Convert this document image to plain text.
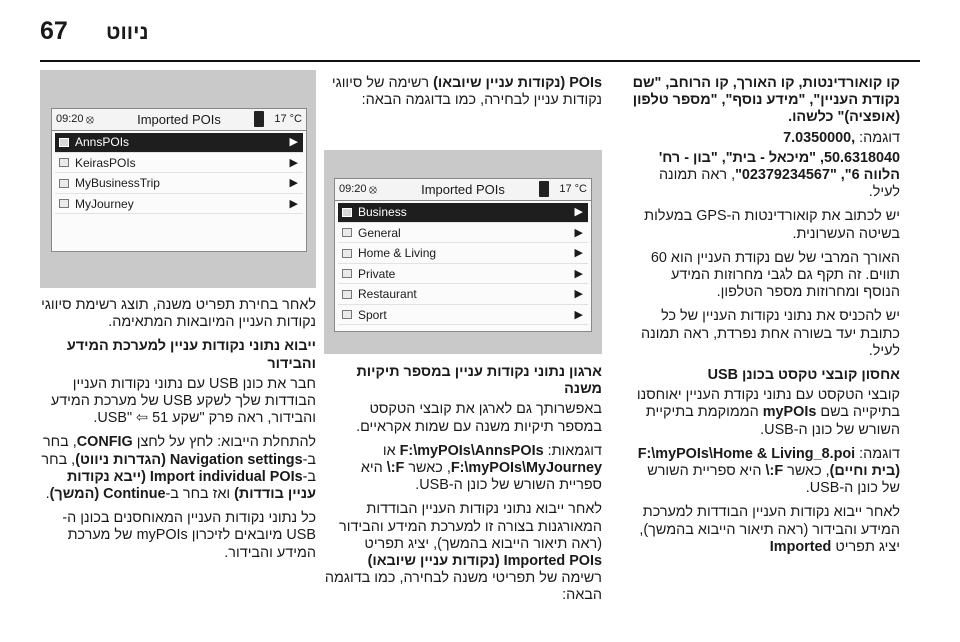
67 ניווט
09:20 ⦻	Imported POIs	17 °C
AnnsPOIs	▶
KeirasPOIs	▶
MyBusinessTrip	▶
MyJourney	▶
09:20 ⦻	Imported POIs	17 °C
Business	▶
General	▶
Home & Living	▶
Private	▶
Restaurant	▶
Sport	▶

קו קואורדינטות, קו האורך, קו הרוחב, "שם נקודת העניין", "מידע נוסף", "מספר טלפון (אופציה)" כלשהו.

דוגמה: 7.0350000,

50.6318040, "מיכאל - בית", "בון - רח' הלווה 6", "02379234567", ראה תמונה לעיל.

יש לכתוב את קואורדינטות ה-GPS במעלות בשיטה העשרונית.

האורך המרבי של שם נקודת העניין הוא 60 תווים. זה תקף גם לגבי מחרוזות המידע הנוסף ומחרוזות מספר הטלפון.

יש להכניס את נתוני נקודות העניין של כל כתובת יעד בשורה אחת נפרדת, ראה תמונה לעיל.

אחסון קובצי טקסט בכונן USB

קובצי הטקסט עם נתוני נקודת העניין יאוחסנו בתיקייה בשם myPOIs הממוקמת בתיקיית השורש של כונן ה-USB.

דוגמה: F:\myPOIs\Home & Living_8.poi (בית וחיים), כאשר F:\ היא ספריית השורש של כונן ה-USB.

לאחר ייבוא נקודות העניין הבודדות למערכת המידע והבידור (ראה תיאור הייבוא בהמשך), יציג תפריט Imported

POIs (נקודות עניין שיובאו) רשימה של סיווגי נקודות עניין לבחירה, כמו בדוגמה הבאה:

ארגון נתוני נקודות עניין במספר תיקיות משנה

באפשרותך גם לארגן את קובצי הטקסט במספר תיקיות משנה עם שמות אקראיים.

דוגמאות: F:\myPOIs\AnnsPOIs או F:\myPOIs\MyJourney, כאשר F:\ היא ספריית השורש של כונן ה-USB.

לאחר ייבוא נתוני נקודות העניין הבודדות המאורגנות בצורה זו למערכת המידע והבידור (ראה תיאור הייבוא בהמשך), יציג תפריט Imported POIs (נקודות עניין שיובאו) רשימה של תפריטי משנה לבחירה, כמו בדוגמה הבאה:

לאחר בחירת תפריט משנה, תוצג רשימת סיווגי נקודות העניין המיובאות המתאימה.

ייבוא נתוני נקודות עניין למערכת המידע והבידור

חבר את כונן USB עם נתוני נקודות העניין הבודדות שלך לשקע USB של מערכת המידע והבידור, ראה פרק "שקע USB" ⇦ 51.

להתחלת הייבוא: לחץ על לחצן CONFIG, בחר ב-Navigation settings (הגדרות ניווט), בחר ב-Import individual POIs (ייבא נקודות עניין בודדות) ואז בחר ב-Continue (המשך).

כל נתוני נקודות העניין המאוחסנים בכונן ה-USB מיובאים לזיכרון myPOIs של מערכת המידע והבידור.
